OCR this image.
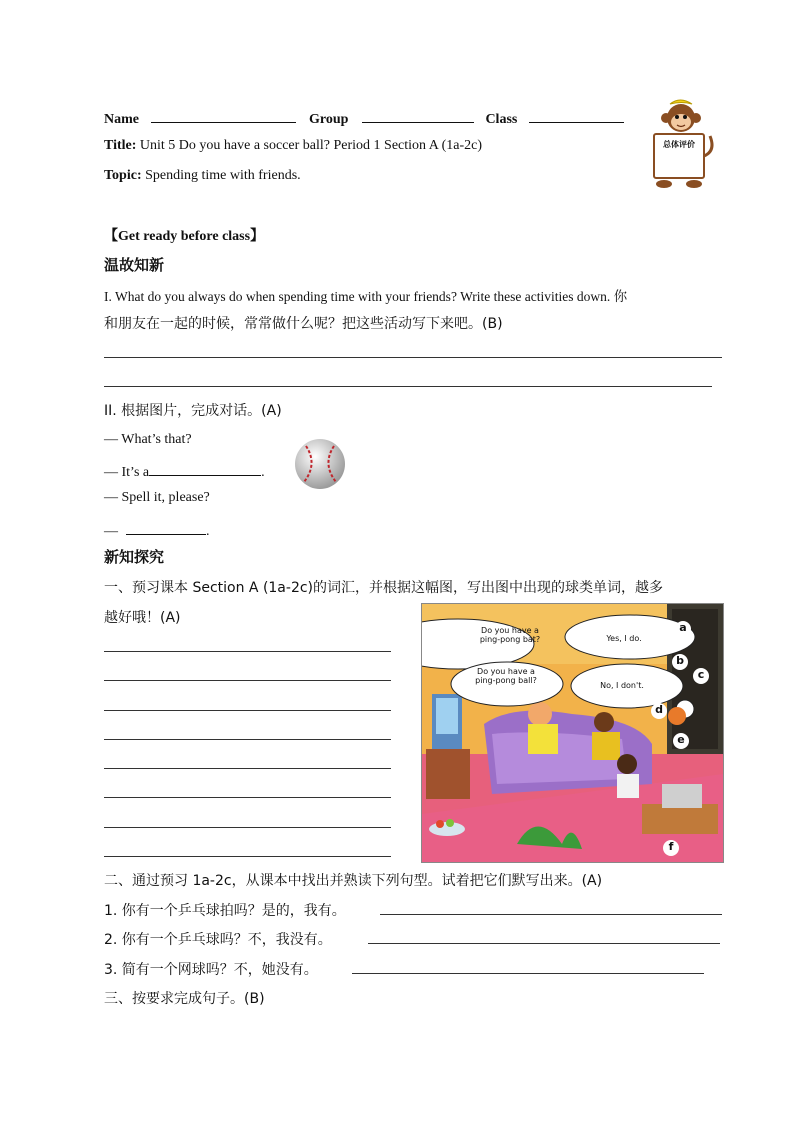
Name	Group	Class
Title: Unit 5 Do you have a soccer ball? Period 1 Section A (1a-2c)
Topic: Spending time with friends.
总体评价
【Get ready before class】
温故知新
I. What do you always do when spending time with your friends? Write these activities down. 你
和朋友在一起的时候，常常做什么呢？把这些活动写下来吧。(B)
II. 根据图片，完成对话。(A)
— What’s that?
— It’s a	.
— Spell it, please?
—	.
新知探究
一、预习课本 Section A (1a-2c)的词汇，并根据这幅图，写出图中出现的球类单词，越多
越好哦！(A)
Do you have a ping-pong bat?	Yes, I do.
Do you have a ping-pong ball?
No, I don't.
a
b
c
d
e
f
二、通过预习 1a-2c，从课本中找出并熟读下列句型。试着把它们默写出来。(A)
1. 你有一个乒乓球拍吗？是的，我有。
2. 你有一个乒乓球吗？不，我没有。
3. 简有一个网球吗？不，她没有。
三、按要求完成句子。(B)
